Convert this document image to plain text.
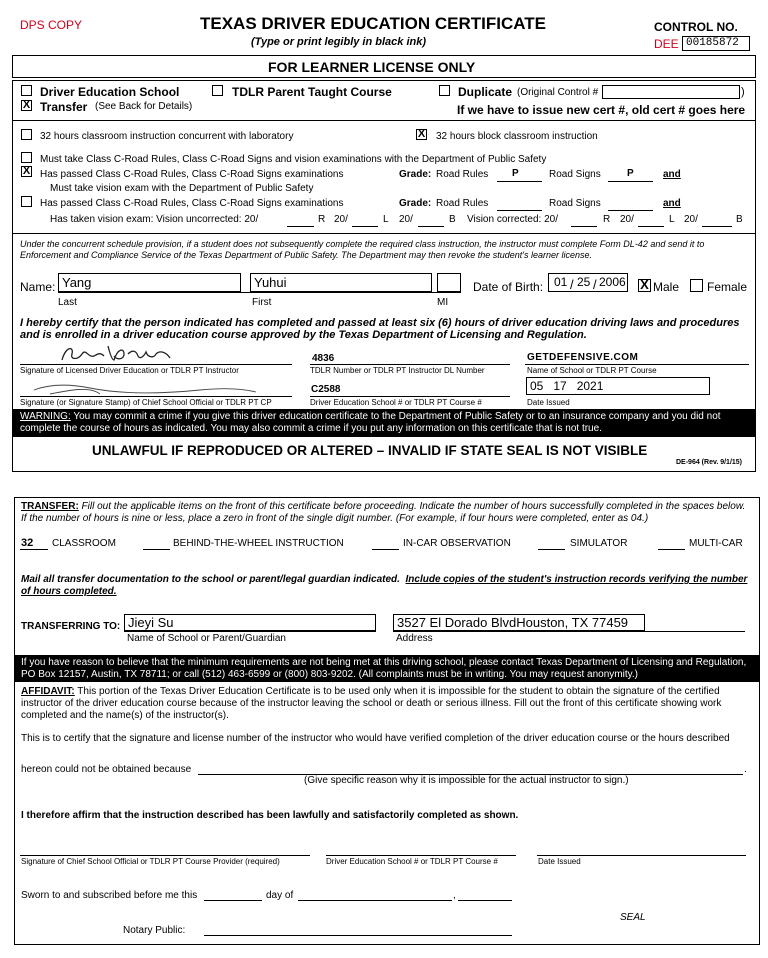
DPS COPY	TEXAS DRIVER EDUCATION CERTIFICATE
(Type or print legibly in black ink)
CONTROL NO.
DEE 00185872
FOR LEARNER LICENSE ONLY
Driver Education School
X Transfer (See Back for Details)
TDLR Parent Taught Course	Duplicate (Original Control #	)
If we have to issue new cert #, old cert # goes here
32 hours classroom instruction concurrent with laboratory	X 32 hours block classroom instruction
Must take Class C-Road Rules, Class C-Road Signs and vision examinations with the Department of Public Safety
X Has passed Class C-Road Rules, Class C-Road Signs examinations	Grade: Road Rules P	Road Signs	P	and
Must take vision exam with the Department of Public Safety
Has passed Class C-Road Rules, Class C-Road Signs examinations	Grade: Road Rules	Road Signs	and
Has taken vision exam: Vision uncorrected: 20/	R 20/	L 20/	B Vision corrected: 20/	R 20/	L 20/	B
Under the concurrent schedule provision, if a student does not subsequently complete the required class instruction, the instructor must complete Form DL-42 and send it to Enforcement and Compliance Service of the Texas Department of Public Safety. The Department may then revoke the student's learner license.
Name: Yang
Last
Yuhui
First	MI
Date of Birth: 01 / 25 / 2006 X Male Female
I hereby certify that the person indicated has completed and passed at least six (6) hours of driver education driving laws and procedures and is enrolled in a driver education course approved by the Texas Department of Licensing and Regulation.
Signature of Licensed Driver Education or TDLR PT Instructor
4836
TDLR Number or TDLR PT Instructor DL Number
GETDEFENSIVE.COM
Name of School or TDLR PT Course
Signature (or Signature Stamp) of Chief School Official or TDLR PT CP
C2588
Driver Education School # or TDLR PT Course #
05   17   2021
Date Issued
WARNING: You may commit a crime if you give this driver education certificate to the Department of Public Safety or to an insurance company and you did not complete the course of hours as indicated. You may also commit a crime if you put any information on this certificate that is not true.
UNLAWFUL IF REPRODUCED OR ALTERED – INVALID IF STATE SEAL IS NOT VISIBLE
DE-964 (Rev. 9/1/15)
TRANSFER: Fill out the applicable items on the front of this certificate before proceeding. Indicate the number of hours successfully completed in the spaces below. If the number of hours is nine or less, place a zero in front of the single digit number. (For example, if four hours were completed, enter as 04.)
32 CLASSROOM	BEHIND-THE-WHEEL INSTRUCTION	IN-CAR OBSERVATION	SIMULATOR	MULTI-CAR
Mail all transfer documentation to the school or parent/legal guardian indicated. Include copies of the student's instruction records verifying the number of hours completed.
TRANSFERRING TO: Jieyi Su
Name of School or Parent/Guardian
3527 El Dorado BlvdHouston, TX 77459
Address
If you have reason to believe that the minimum requirements are not being met at this driving school, please contact Texas Department of Licensing and Regulation, PO Box 12157, Austin, TX 78711; or call (512) 463-6599 or (800) 803-9202. (All complaints must be in writing. You may request anonymity.)
AFFIDAVIT: This portion of the Texas Driver Education Certificate is to be used only when it is impossible for the student to obtain the signature of the certified instructor of the driver education course because of the instructor leaving the school or death or serious illness. Fill out the front of this certificate showing work completed and the name(s) of the instructor(s).
This is to certify that the signature and license number of the instructor who would have verified completion of the driver education course or the hours described
hereon could not be obtained because	.
(Give specific reason why it is impossible for the actual instructor to sign.)
I therefore affirm that the instruction described has been lawfully and satisfactorily completed as shown.
Signature of Chief School Official or TDLR PT Course Provider (required)	Driver Education School # or TDLR PT Course #	Date Issued
Sworn to and subscribed before me this	day of	,
SEAL
Notary Public:
